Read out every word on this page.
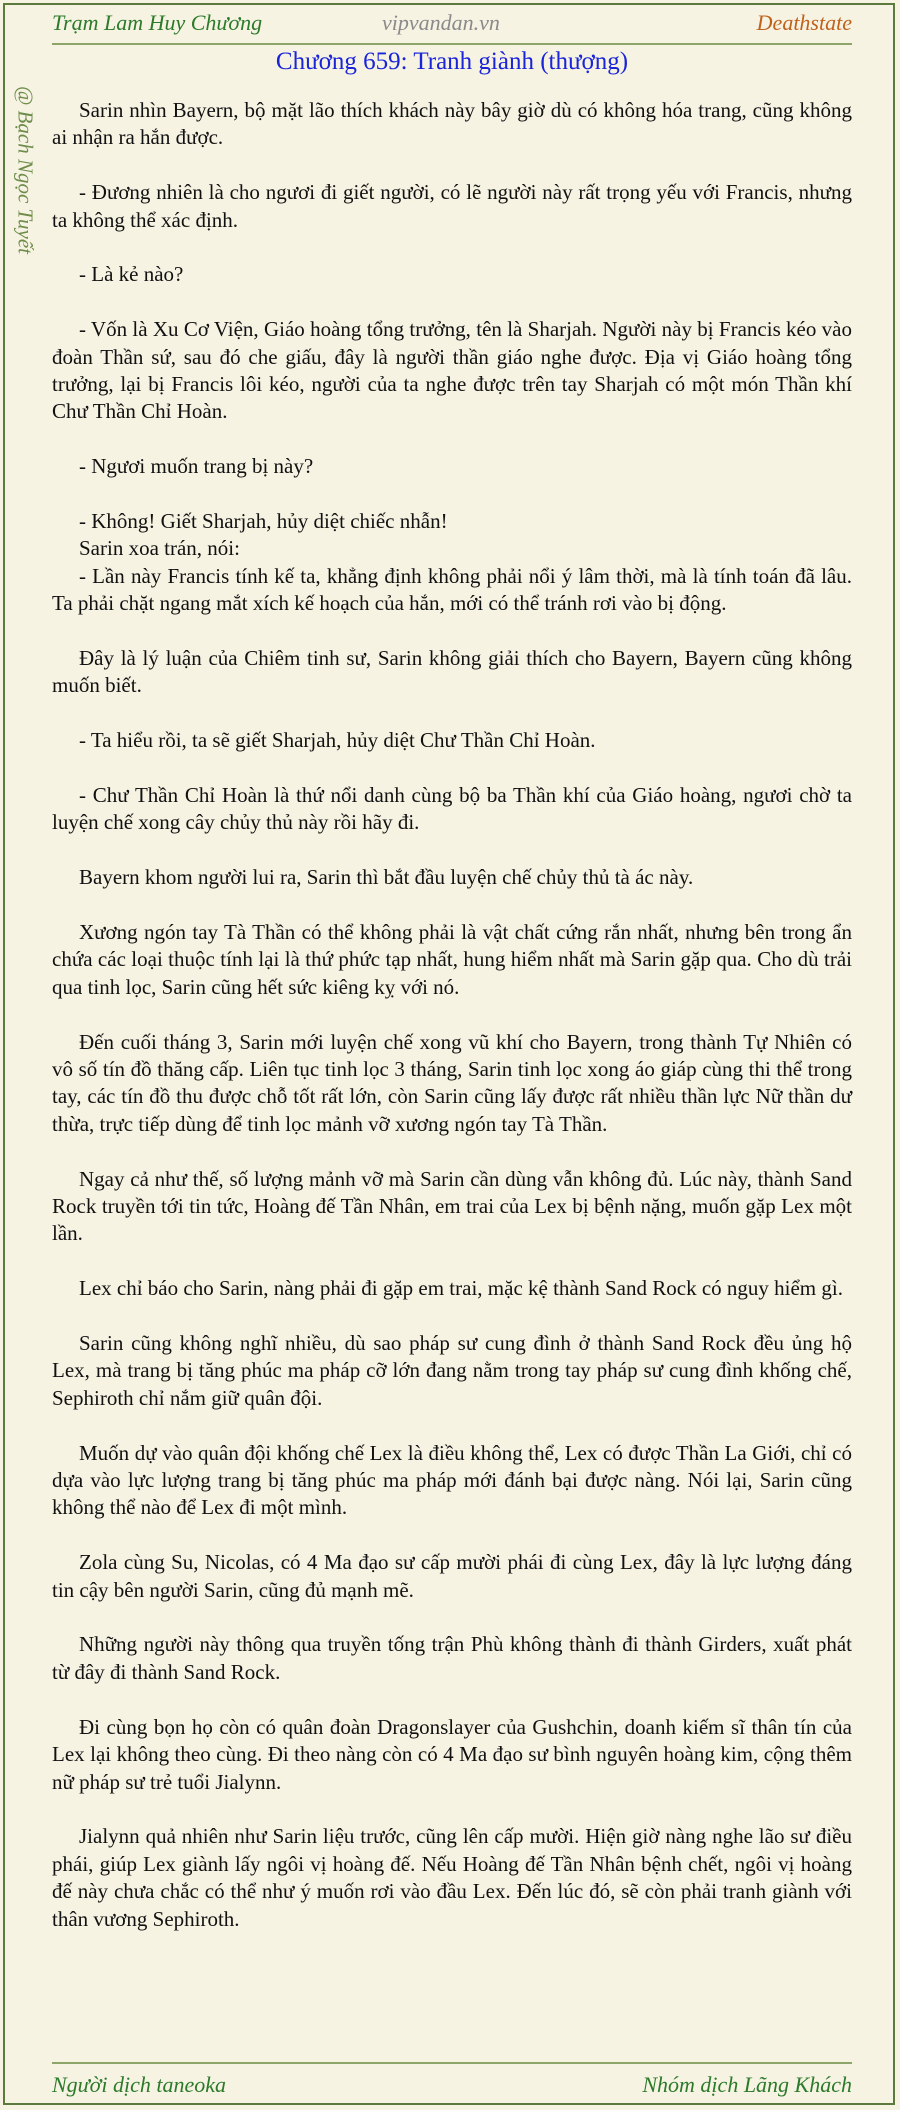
@ Bạch Ngọc Tuyết
Trạm Lam Huy Chương	vipvandan.vn	Deathstate
Chương 659: Tranh giành (thượng)

Sarin nhìn Bayern, bộ mặt lão thích khách này bây giờ dù có không hóa trang, cũng không ai nhận ra hắn được.

- Đương nhiên là cho ngươi đi giết người, có lẽ người này rất trọng yếu với Francis, nhưng ta không thể xác định.

- Là kẻ nào?

- Vốn là Xu Cơ Viện, Giáo hoàng tổng trưởng, tên là Sharjah. Người này bị Francis kéo vào đoàn Thần sứ, sau đó che giấu, đây là người thần giáo nghe được. Địa vị Giáo hoàng tổng trưởng, lại bị Francis lôi kéo, người của ta nghe được trên tay Sharjah có một món Thần khí Chư Thần Chỉ Hoàn.

- Ngươi muốn trang bị này?

- Không! Giết Sharjah, hủy diệt chiếc nhẫn!

Sarin xoa trán, nói:

- Lần này Francis tính kế ta, khẳng định không phải nổi ý lâm thời, mà là tính toán đã lâu. Ta phải chặt ngang mắt xích kế hoạch của hắn, mới có thể tránh rơi vào bị động.

Đây là lý luận của Chiêm tinh sư, Sarin không giải thích cho Bayern, Bayern cũng không muốn biết.

- Ta hiểu rồi, ta sẽ giết Sharjah, hủy diệt Chư Thần Chỉ Hoàn.

- Chư Thần Chỉ Hoàn là thứ nổi danh cùng bộ ba Thần khí của Giáo hoàng, ngươi chờ ta luyện chế xong cây chủy thủ này rồi hãy đi.

Bayern khom người lui ra, Sarin thì bắt đầu luyện chế chủy thủ tà ác này.

Xương ngón tay Tà Thần có thể không phải là vật chất cứng rắn nhất, nhưng bên trong ẩn chứa các loại thuộc tính lại là thứ phức tạp nhất, hung hiểm nhất mà Sarin gặp qua. Cho dù trải qua tinh lọc, Sarin cũng hết sức kiêng kỵ với nó.

Đến cuối tháng 3, Sarin mới luyện chế xong vũ khí cho Bayern, trong thành Tự Nhiên có vô số tín đồ thăng cấp. Liên tục tinh lọc 3 tháng, Sarin tinh lọc xong áo giáp cùng thi thể trong tay, các tín đồ thu được chỗ tốt rất lớn, còn Sarin cũng lấy được rất nhiều thần lực Nữ thần dư thừa, trực tiếp dùng để tinh lọc mảnh vỡ xương ngón tay Tà Thần.

Ngay cả như thế, số lượng mảnh vỡ mà Sarin cần dùng vẫn không đủ. Lúc này, thành Sand Rock truyền tới tin tức, Hoàng đế Tần Nhân, em trai của Lex bị bệnh nặng, muốn gặp Lex một lần.

Lex chỉ báo cho Sarin, nàng phải đi gặp em trai, mặc kệ thành Sand Rock có nguy hiểm gì.

Sarin cũng không nghĩ nhiều, dù sao pháp sư cung đình ở thành Sand Rock đều ủng hộ Lex, mà trang bị tăng phúc ma pháp cỡ lớn đang nằm trong tay pháp sư cung đình khống chế, Sephiroth chỉ nắm giữ quân đội.

Muốn dự vào quân đội khống chế Lex là điều không thể, Lex có được Thần La Giới, chỉ có dựa vào lực lượng trang bị tăng phúc ma pháp mới đánh bại được nàng. Nói lại, Sarin cũng không thể nào để Lex đi một mình.

Zola cùng Su, Nicolas, có 4 Ma đạo sư cấp mười phái đi cùng Lex, đây là lực lượng đáng tin cậy bên người Sarin, cũng đủ mạnh mẽ.

Những người này thông qua truyền tống trận Phù không thành đi thành Girders, xuất phát từ đây đi thành Sand Rock.

Đi cùng bọn họ còn có quân đoàn Dragonslayer của Gushchin, doanh kiếm sĩ thân tín của Lex lại không theo cùng. Đi theo nàng còn có 4 Ma đạo sư bình nguyên hoàng kim, cộng thêm nữ pháp sư trẻ tuổi Jialynn.

Jialynn quả nhiên như Sarin liệu trước, cũng lên cấp mười. Hiện giờ nàng nghe lão sư điều phái, giúp Lex giành lấy ngôi vị hoàng đế. Nếu Hoàng đế Tần Nhân bệnh chết, ngôi vị hoàng đế này chưa chắc có thể như ý muốn rơi vào đầu Lex. Đến lúc đó, sẽ còn phải tranh giành với thân vương Sephiroth.

Người dịch taneoka	Nhóm dịch Lãng Khách
